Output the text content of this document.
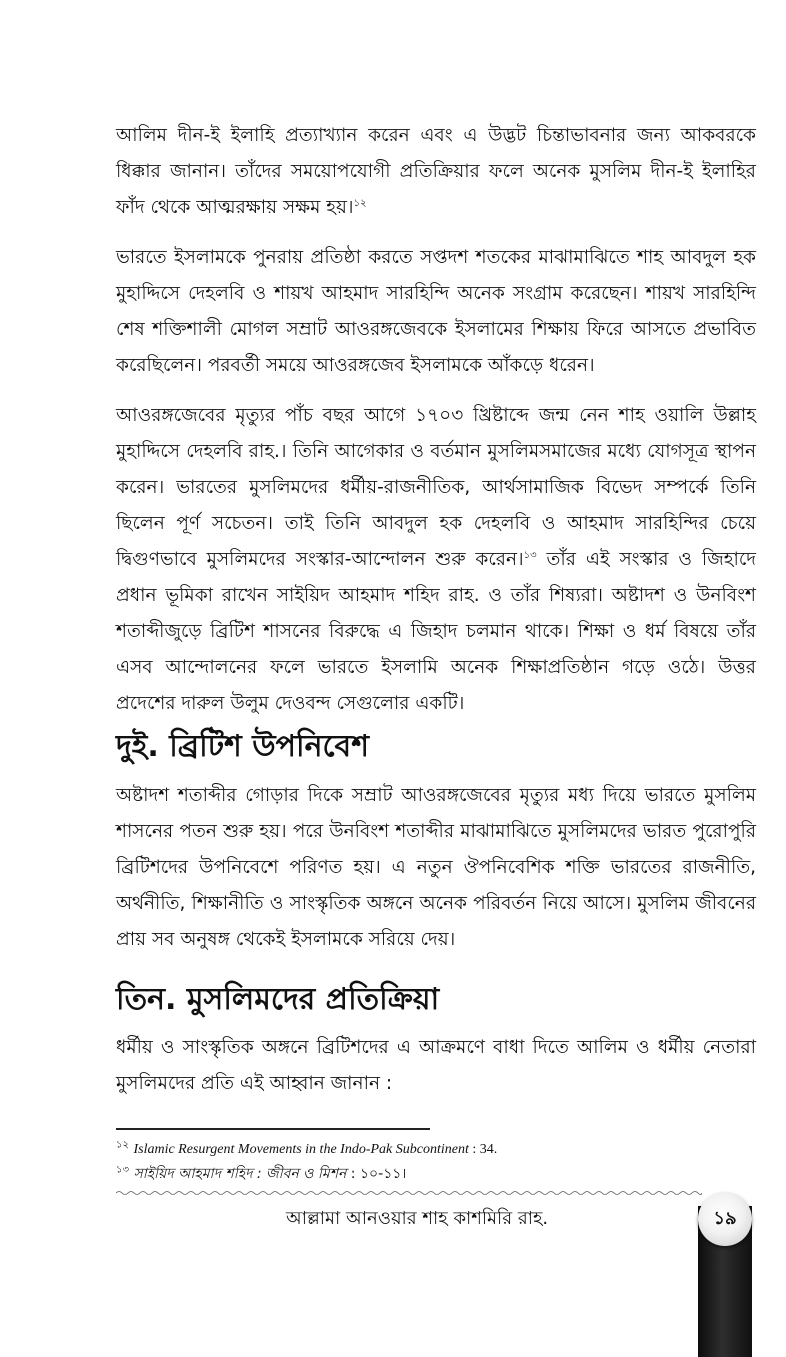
আলিম দীন-ই ইলাহি প্রত্যাখ্যান করেন এবং এ উদ্ভট চিন্তাভাবনার জন্য আকবরকে ধিক্কার জানান। তাঁদের সময়োপযোগী প্রতিক্রিয়ার ফলে অনেক মুসলিম দীন-ই ইলাহির ফাঁদ থেকে আত্মরক্ষায় সক্ষম হয়।$^{১২}$

ভারতে ইসলামকে পুনরায় প্রতিষ্ঠা করতে সপ্তদশ শতকের মাঝামাঝিতে শাহ আবদুল হক মুহাদ্দিসে দেহলবি ও শায়খ আহমাদ সারহিন্দি অনেক সংগ্রাম করেছেন। শায়খ সারহিন্দি শেষ শক্তিশালী মোগল সম্রাট আওরঙ্গজেবকে ইসলামের শিক্ষায় ফিরে আসতে প্রভাবিত করেছিলেন। পরবর্তী সময়ে আওরঙ্গজেব ইসলামকে আঁকড়ে ধরেন।

আওরঙ্গজেবের মৃত্যুর পাঁচ বছর আগে ১৭০৩ খ্রিষ্টাব্দে জন্ম নেন শাহ ওয়ালি উল্লাহ মুহাদ্দিসে দেহলবি রাহ.। তিনি আগেকার ও বর্তমান মুসলিমসমাজের মধ্যে যোগসূত্র স্থাপন করেন। ভারতের মুসলিমদের ধর্মীয়-রাজনীতিক, আর্থসামাজিক বিভেদ সম্পর্কে তিনি ছিলেন পূর্ণ সচেতন। তাই তিনি আবদুল হক দেহলবি ও আহমাদ সারহিন্দির চেয়ে দ্বিগুণভাবে মুসলিমদের সংস্কার-আন্দোলন শুরু করেন।$^{১৩}$ তাঁর এই সংস্কার ও জিহাদে প্রধান ভূমিকা রাখেন সাইয়িদ আহমাদ শহিদ রাহ. ও তাঁর শিষ্যরা। অষ্টাদশ ও উনবিংশ শতাব্দীজুড়ে ব্রিটিশ শাসনের বিরুদ্ধে এ জিহাদ চলমান থাকে। শিক্ষা ও ধর্ম বিষয়ে তাঁর এসব আন্দোলনের ফলে ভারতে ইসলামি অনেক শিক্ষাপ্রতিষ্ঠান গড়ে ওঠে। উত্তর প্রদেশের দারুল উলুম দেওবন্দ সেগুলোর একটি।

দুই. ব্রিটিশ উপনিবেশ

অষ্টাদশ শতাব্দীর গোড়ার দিকে সম্রাট আওরঙ্গজেবের মৃত্যুর মধ্য দিয়ে ভারতে মুসলিম শাসনের পতন শুরু হয়। পরে উনবিংশ শতাব্দীর মাঝামাঝিতে মুসলিমদের ভারত পুরোপুরি ব্রিটিশদের উপনিবেশে পরিণত হয়। এ নতুন ঔপনিবেশিক শক্তি ভারতের রাজনীতি, অর্থনীতি, শিক্ষানীতি ও সাংস্কৃতিক অঙ্গনে অনেক পরিবর্তন নিয়ে আসে। মুসলিম জীবনের প্রায় সব অনুষঙ্গ থেকেই ইসলামকে সরিয়ে দেয়।

তিন. মুসলিমদের প্রতিক্রিয়া

ধর্মীয় ও সাংস্কৃতিক অঙ্গনে ব্রিটিশদের এ আক্রমণে বাধা দিতে আলিম ও ধর্মীয় নেতারা মুসলিমদের প্রতি এই আহ্বান জানান :

$^{১২}$ Islamic Resurgent Movements in the Indo-Pak Subcontinent : 34.

$^{১৩}$ সাইয়িদ আহমাদ শহিদ : জীবন ও মিশন : ১০-১১।

আল্লামা আনওয়ার শাহ কাশমিরি রাহ.	১৯
